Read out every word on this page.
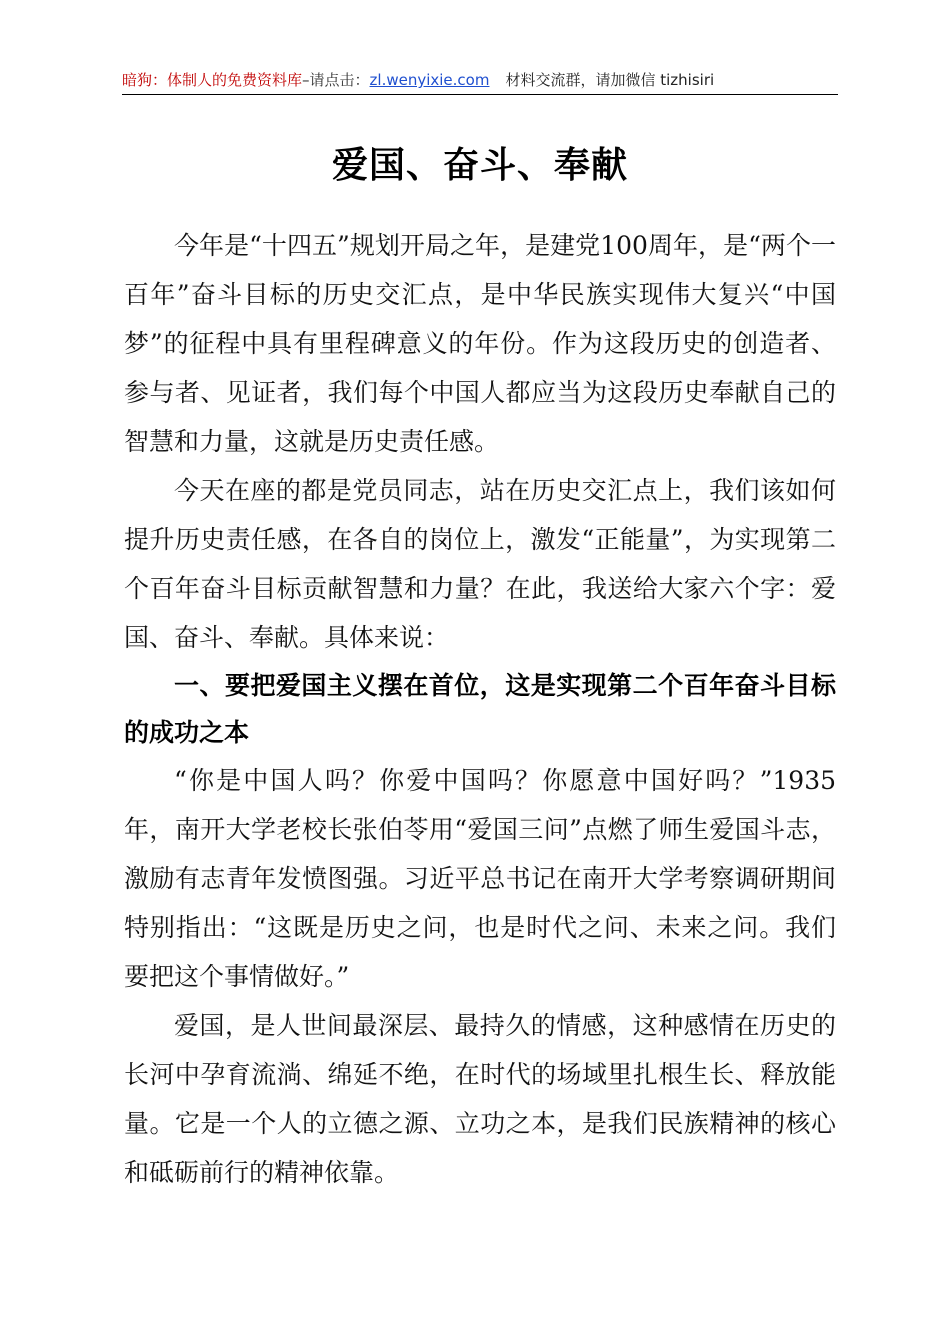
暗狗：体制人的免费资料库–请点击：zl.wenyixie.com 材料交流群，请加微信 tizhisiri
爱国、奋斗、奉献

今年是“十四五”规划开局之年，是建党100周年，是“两个一百年”奋斗目标的历史交汇点，是中华民族实现伟大复兴“中国梦”的征程中具有里程碑意义的年份。作为这段历史的创造者、参与者、见证者，我们每个中国人都应当为这段历史奉献自己的智慧和力量，这就是历史责任感。

今天在座的都是党员同志，站在历史交汇点上，我们该如何提升历史责任感，在各自的岗位上，激发“正能量”，为实现第二个百年奋斗目标贡献智慧和力量？在此，我送给大家六个字：爱国、奋斗、奉献。具体来说：

一、要把爱国主义摆在首位，这是实现第二个百年奋斗目标的成功之本

“你是中国人吗？你爱中国吗？你愿意中国好吗？”1935年，南开大学老校长张伯苓用“爱国三问”点燃了师生爱国斗志，激励有志青年发愤图强。习近平总书记在南开大学考察调研期间特别指出：“这既是历史之问，也是时代之问、未来之问。我们要把这个事情做好。”

爱国，是人世间最深层、最持久的情感，这种感情在历史的长河中孕育流淌、绵延不绝，在时代的场域里扎根生长、释放能量。它是一个人的立德之源、立功之本，是我们民族精神的核心和砥砺前行的精神依靠。
